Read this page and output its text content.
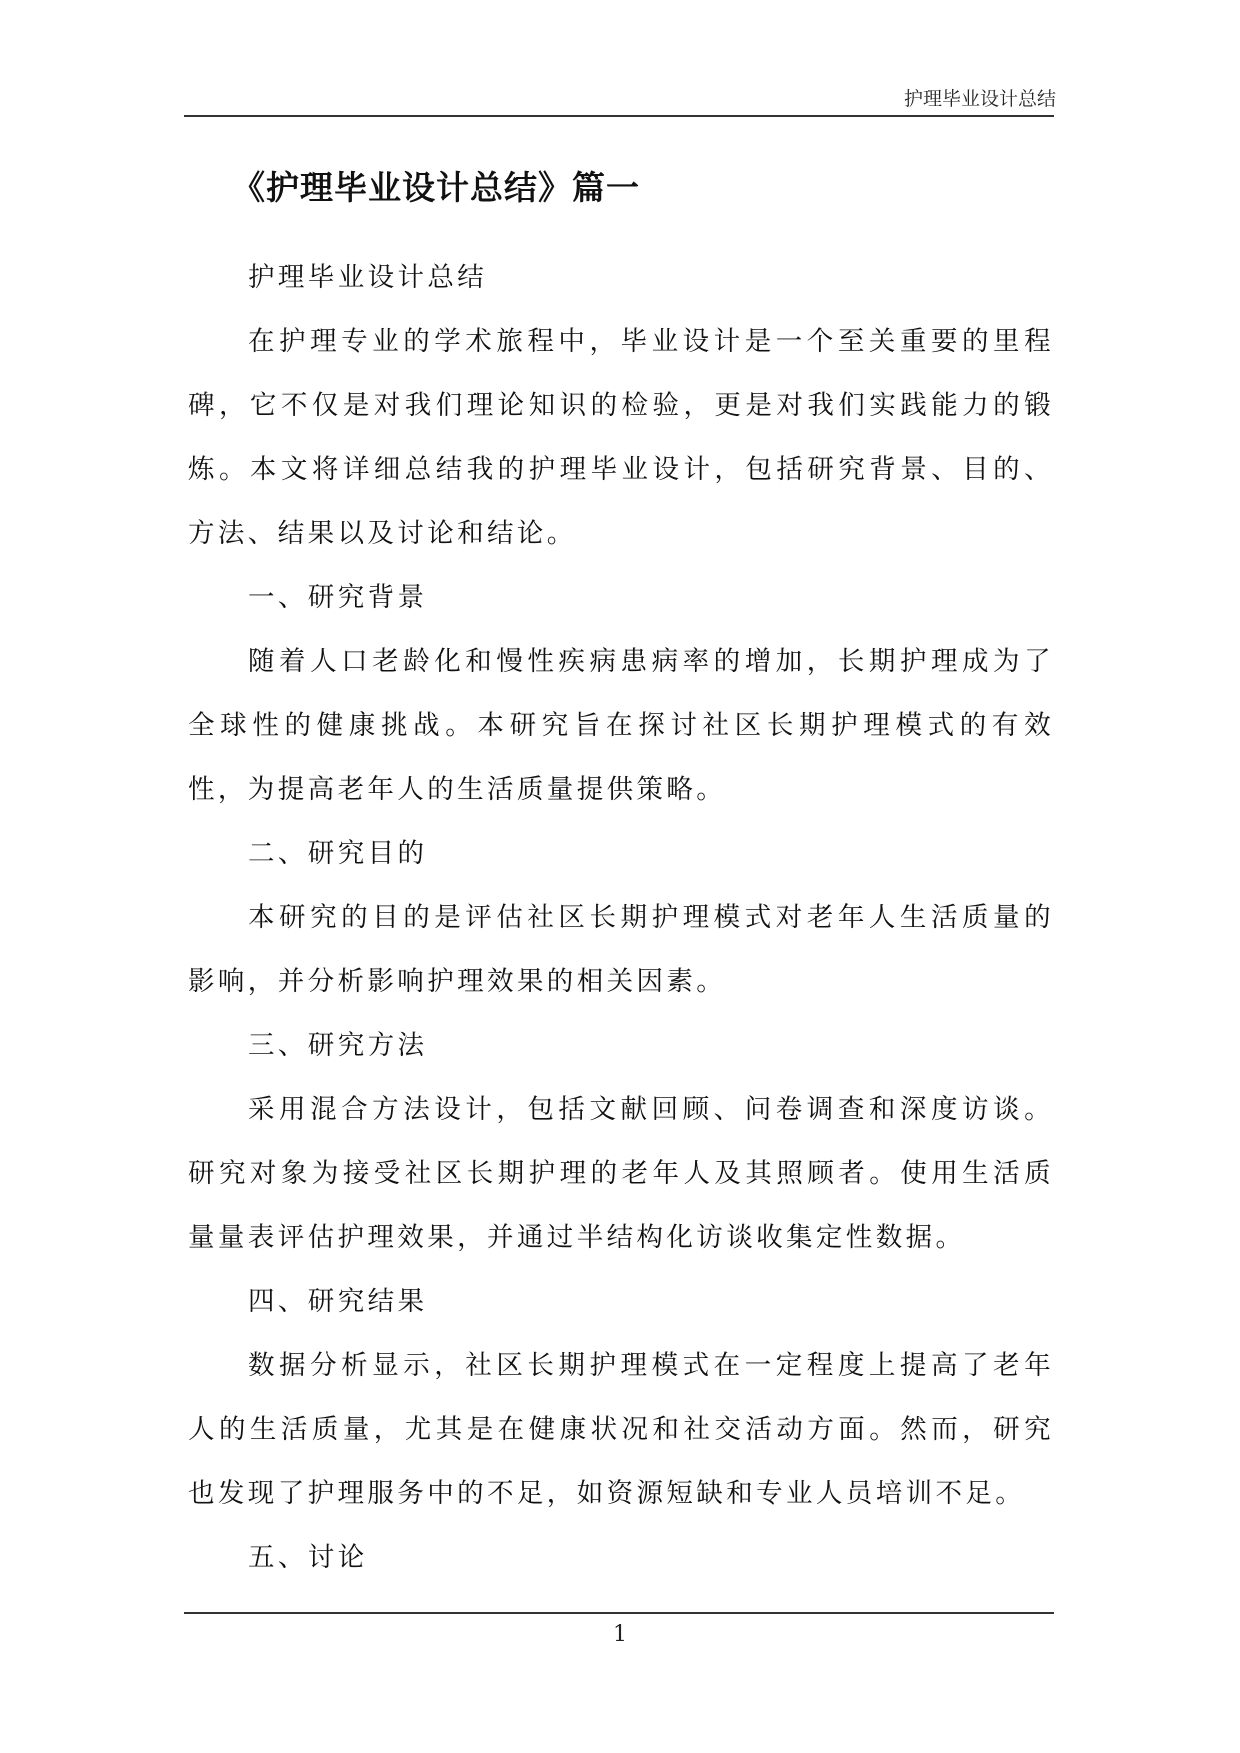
护理毕业设计总结
《护理毕业设计总结》篇一

护理毕业设计总结

在护理专业的学术旅程中，毕业设计是一个至关重要的里程碑，它不仅是对我们理论知识的检验，更是对我们实践能力的锻炼。本文将详细总结我的护理毕业设计，包括研究背景、目的、方法、结果以及讨论和结论。

一、研究背景

随着人口老龄化和慢性疾病患病率的增加，长期护理成为了全球性的健康挑战。本研究旨在探讨社区长期护理模式的有效性，为提高老年人的生活质量提供策略。

二、研究目的

本研究的目的是评估社区长期护理模式对老年人生活质量的影响，并分析影响护理效果的相关因素。

三、研究方法

采用混合方法设计，包括文献回顾、问卷调查和深度访谈。研究对象为接受社区长期护理的老年人及其照顾者。使用生活质量量表评估护理效果，并通过半结构化访谈收集定性数据。

四、研究结果

数据分析显示，社区长期护理模式在一定程度上提高了老年人的生活质量，尤其是在健康状况和社交活动方面。然而，研究也发现了护理服务中的不足，如资源短缺和专业人员培训不足。

五、讨论

1
